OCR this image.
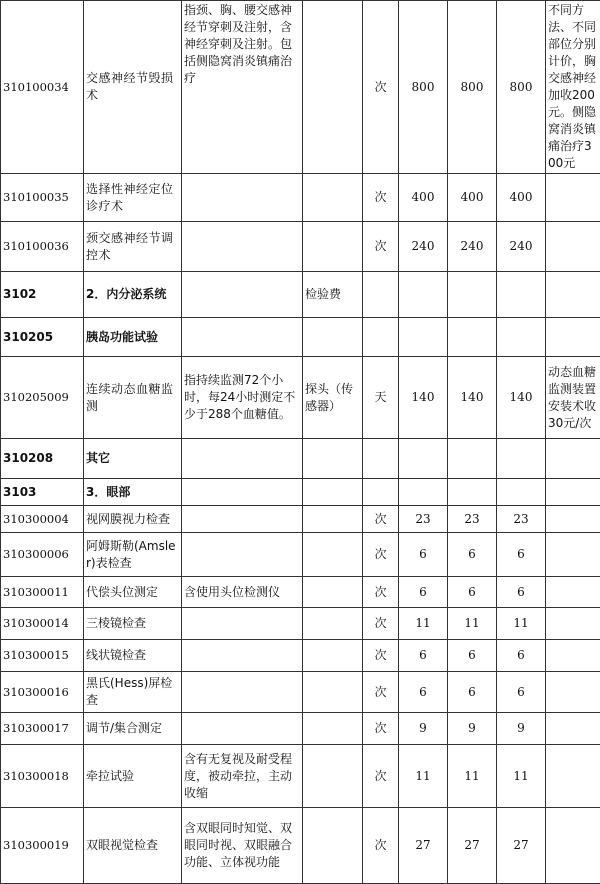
310100034	交感神经节毁损术	指颈、胸、腰交感神经节穿刺及注射，含神经穿刺及注射。包括侧隐窝消炎镇痛治疗		次	800	800	800	不同方法、不同部位分别计价，胸交感神经加收200元。侧隐窝消炎镇痛治疗300元
310100035	选择性神经定位诊疗术			次	400	400	400	
310100036	颈交感神经节调控术			次	240	240	240	
3102	2．内分泌系统		检验费					
310205	胰岛功能试验							
310205009	连续动态血糖监测	指持续监测72个小时，每24小时测定不少于288个血糖值。	探头（传感器）	天	140	140	140	动态血糖监测装置安装术收30元/次
310208	其它							
3103	3．眼部							
310300004	视网膜视力检查			次	23	23	23	
310300006	阿姆斯勒(Amsler)表检查			次	6	6	6	
310300011	代偿头位测定	含使用头位检测仪		次	6	6	6	
310300014	三棱镜检查			次	11	11	11	
310300015	线状镜检查			次	6	6	6	
310300016	黑氏(Hess)屏检查			次	6	6	6	
310300017	调节/集合测定			次	9	9	9	
310300018	牵拉试验	含有无复视及耐受程度，被动牵拉，主动收缩		次	11	11	11	
310300019	双眼视觉检查	含双眼同时知觉、双眼同时视、双眼融合功能、立体视功能		次	27	27	27	
